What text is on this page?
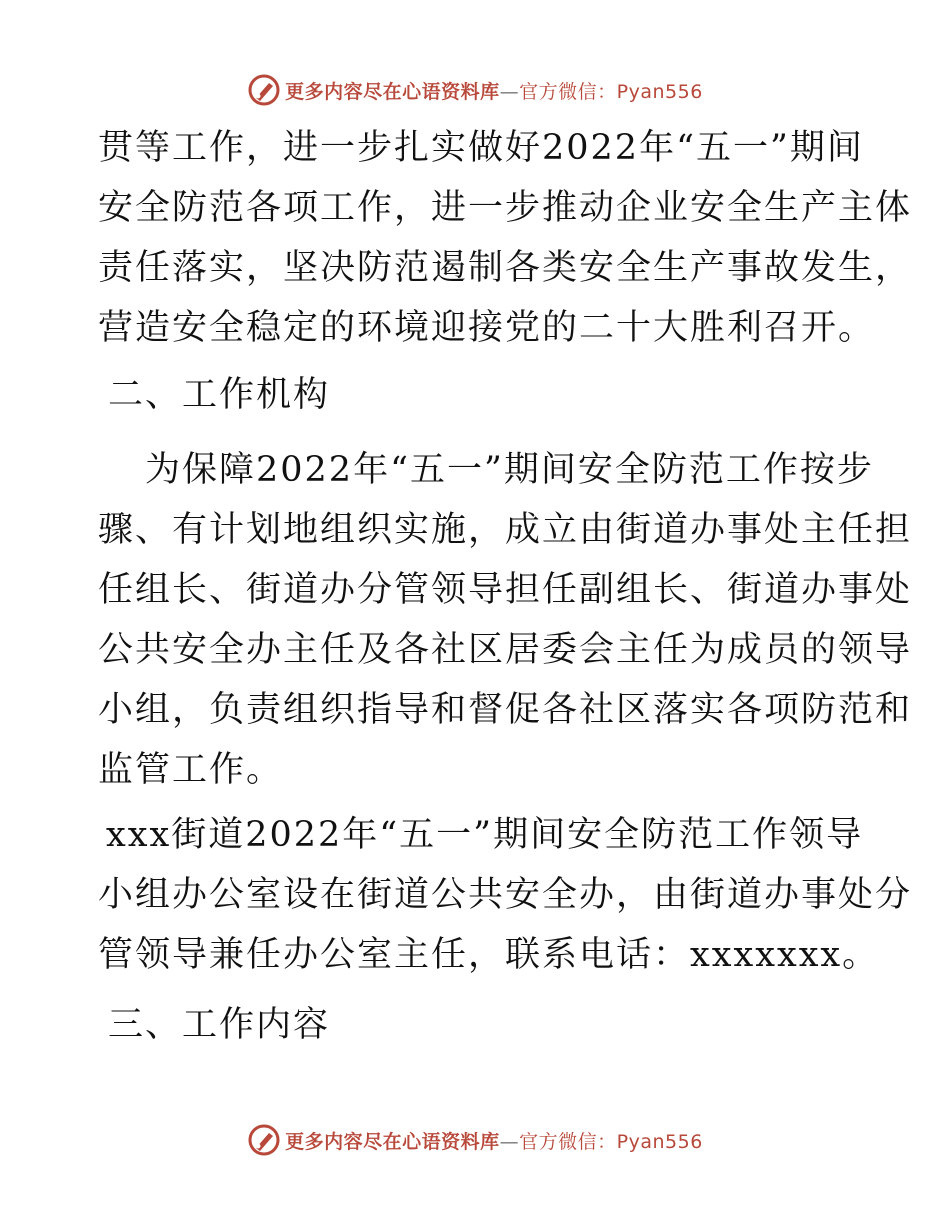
更多内容尽在心语资料库—官方微信：Pyan556
贯等工作，进一步扎实做好2022年“五一”期间
安全防范各项工作，进一步推动企业安全生产主体
责任落实，坚决防范遏制各类安全生产事故发生，
营造安全稳定的环境迎接党的二十大胜利召开。
二、工作机构
为保障2022年“五一”期间安全防范工作按步
骤、有计划地组织实施，成立由街道办事处主任担
任组长、街道办分管领导担任副组长、街道办事处
公共安全办主任及各社区居委会主任为成员的领导
小组，负责组织指导和督促各社区落实各项防范和
监管工作。
xxx街道2022年“五一”期间安全防范工作领导
小组办公室设在街道公共安全办，由街道办事处分
管领导兼任办公室主任，联系电话：xxxxxxx。
三、工作内容
更多内容尽在心语资料库—官方微信：Pyan556
